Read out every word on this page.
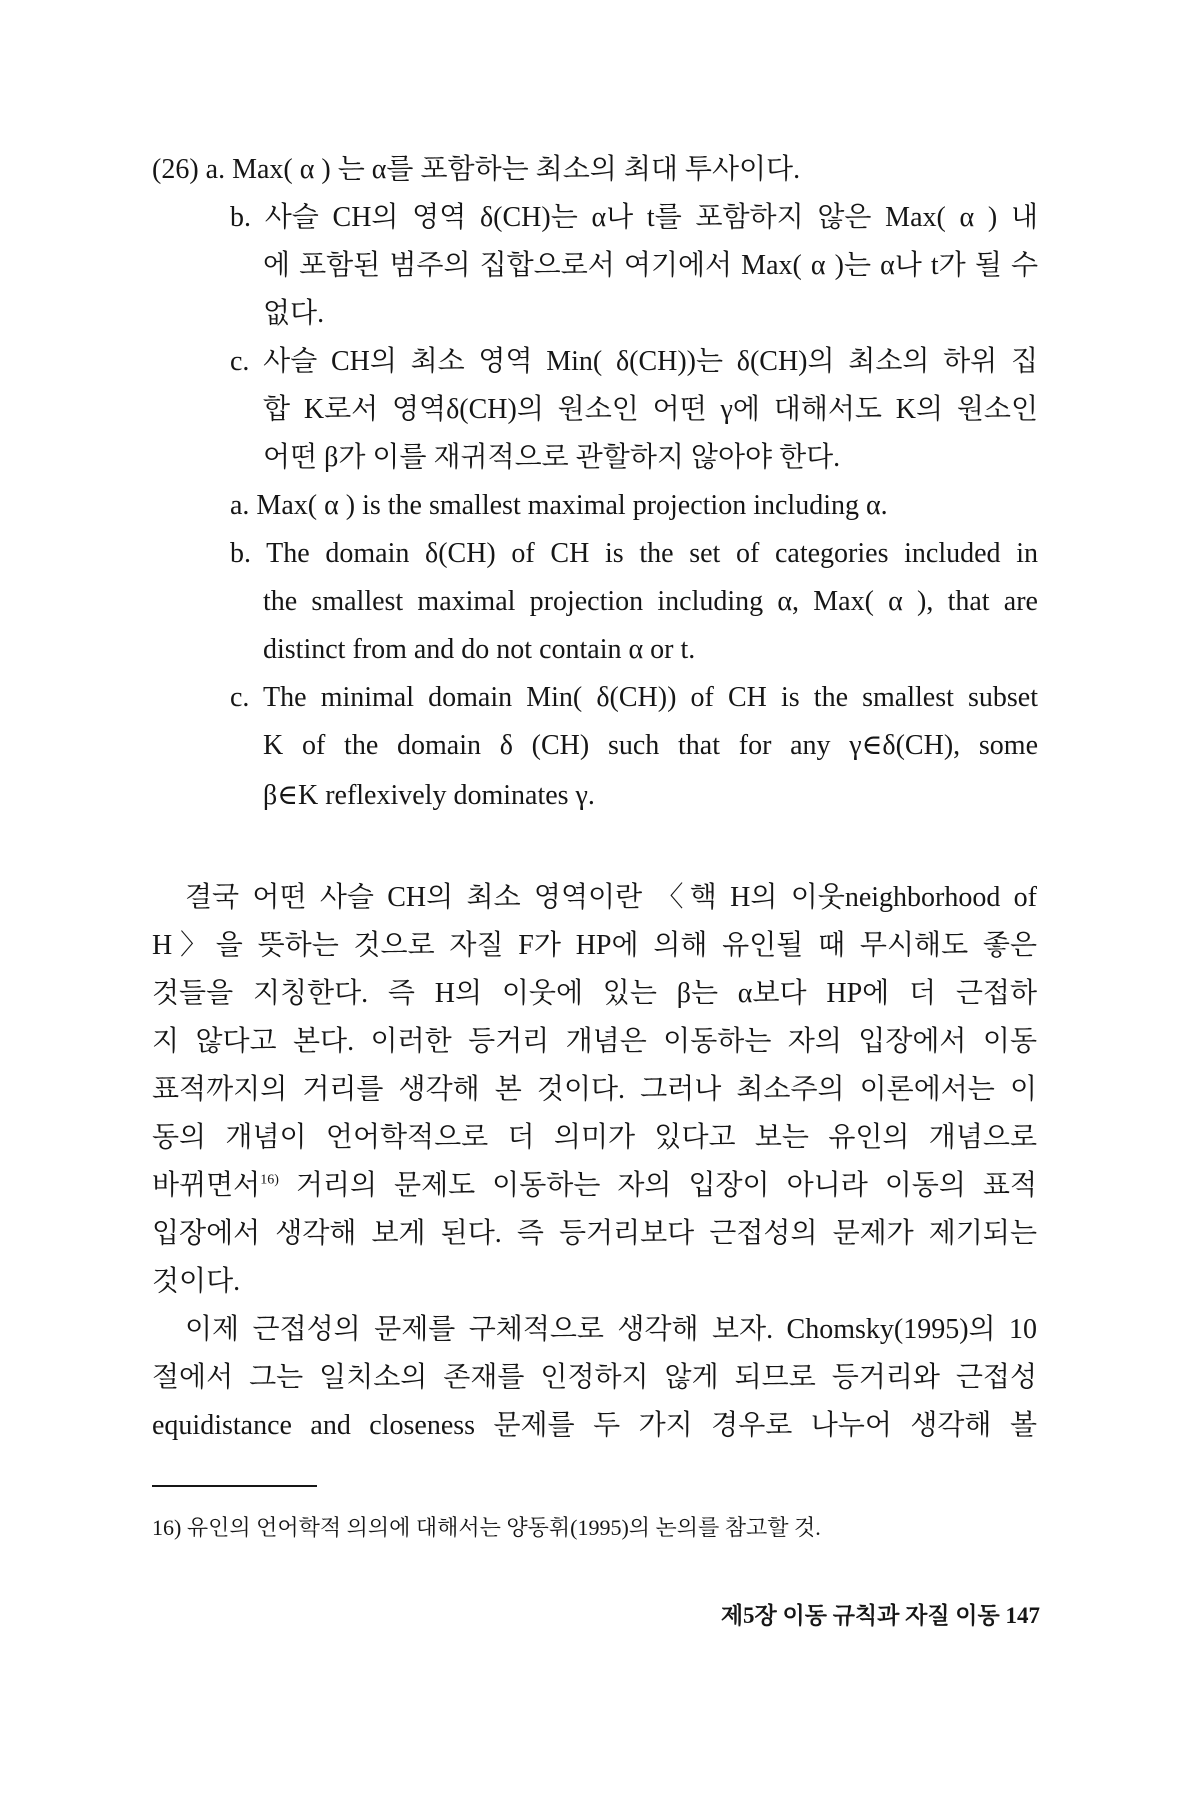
(26) a. Max( α ) 는 α를 포함하는 최소의 최대 투사이다.
b. 사슬 CH의 영역 δ(CH)는 α나 t를 포함하지 않은 Max( α ) 내
에 포함된 범주의 집합으로서 여기에서 Max( α )는 α나 t가 될 수
없다.
c. 사슬 CH의 최소 영역 Min( δ(CH))는 δ(CH)의 최소의 하위 집
합 K로서 영역δ(CH)의 원소인 어떤 γ에 대해서도 K의 원소인
어떤 β가 이를 재귀적으로 관할하지 않아야 한다.
a. Max( α ) is the smallest maximal projection including α.
b. The domain δ(CH) of CH is the set of categories included in
the smallest maximal projection including α, Max( α ), that are
distinct from and do not contain α or t.
c. The minimal domain Min( δ(CH)) of CH is the smallest subset
K of the domain δ (CH) such that for any γ∈δ(CH), some
β∈K reflexively dominates γ.
결국 어떤 사슬 CH의 최소 영역이란 〈핵 H의 이웃neighborhood of
H〉을 뜻하는 것으로 자질 F가 HP에 의해 유인될 때 무시해도 좋은
것들을 지칭한다. 즉 H의 이웃에 있는 β는 α보다 HP에 더 근접하
지 않다고 본다. 이러한 등거리 개념은 이동하는 자의 입장에서 이동
표적까지의 거리를 생각해 본 것이다. 그러나 최소주의 이론에서는 이
동의 개념이 언어학적으로 더 의미가 있다고 보는 유인의 개념으로
바뀌면서$^{16)}$ 거리의 문제도 이동하는 자의 입장이 아니라 이동의 표적
입장에서 생각해 보게 된다. 즉 등거리보다 근접성의 문제가 제기되는
것이다.
이제 근접성의 문제를 구체적으로 생각해 보자. Chomsky(1995)의 10
절에서 그는 일치소의 존재를 인정하지 않게 되므로 등거리와 근접성
equidistance and closeness 문제를 두 가지 경우로 나누어 생각해 볼
16) 유인의 언어학적 의의에 대해서는 양동휘(1995)의 논의를 참고할 것.
제5장 이동 규칙과 자질 이동 147
